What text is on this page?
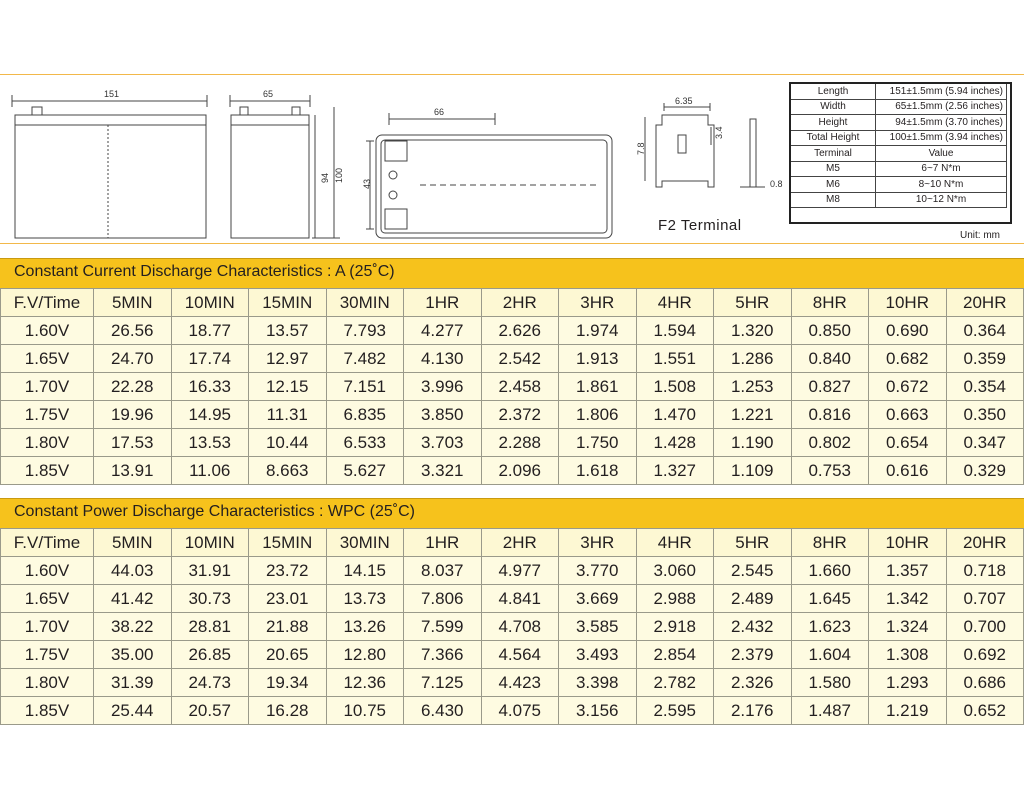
151	65
94 100
66
43
6.35
7.8
3.4
0.8
F2 Terminal
Length	151±1.5mm (5.94 inches)
Width	65±1.5mm (2.56 inches)
Height	94±1.5mm (3.70 inches)
Total Height	100±1.5mm (3.94 inches)
Terminal	Value
M5	6~7 N*m
M6	8~10 N*m
M8	10~12 N*m
Unit: mm
Constant Current Discharge Characteristics : A (25˚C)
F.V/Time	5MIN	10MIN	15MIN	30MIN	1HR	2HR	3HR	4HR	5HR	8HR	10HR	20HR
1.60V	26.56	18.77	13.57	7.793	4.277	2.626	1.974	1.594	1.320	0.850	0.690	0.364
1.65V	24.70	17.74	12.97	7.482	4.130	2.542	1.913	1.551	1.286	0.840	0.682	0.359
1.70V	22.28	16.33	12.15	7.151	3.996	2.458	1.861	1.508	1.253	0.827	0.672	0.354
1.75V	19.96	14.95	11.31	6.835	3.850	2.372	1.806	1.470	1.221	0.816	0.663	0.350
1.80V	17.53	13.53	10.44	6.533	3.703	2.288	1.750	1.428	1.190	0.802	0.654	0.347
1.85V	13.91	11.06	8.663	5.627	3.321	2.096	1.618	1.327	1.109	0.753	0.616	0.329
Constant Power Discharge Characteristics : WPC (25˚C)
F.V/Time	5MIN	10MIN	15MIN	30MIN	1HR	2HR	3HR	4HR	5HR	8HR	10HR	20HR
1.60V	44.03	31.91	23.72	14.15	8.037	4.977	3.770	3.060	2.545	1.660	1.357	0.718
1.65V	41.42	30.73	23.01	13.73	7.806	4.841	3.669	2.988	2.489	1.645	1.342	0.707
1.70V	38.22	28.81	21.88	13.26	7.599	4.708	3.585	2.918	2.432	1.623	1.324	0.700
1.75V	35.00	26.85	20.65	12.80	7.366	4.564	3.493	2.854	2.379	1.604	1.308	0.692
1.80V	31.39	24.73	19.34	12.36	7.125	4.423	3.398	2.782	2.326	1.580	1.293	0.686
1.85V	25.44	20.57	16.28	10.75	6.430	4.075	3.156	2.595	2.176	1.487	1.219	0.652
